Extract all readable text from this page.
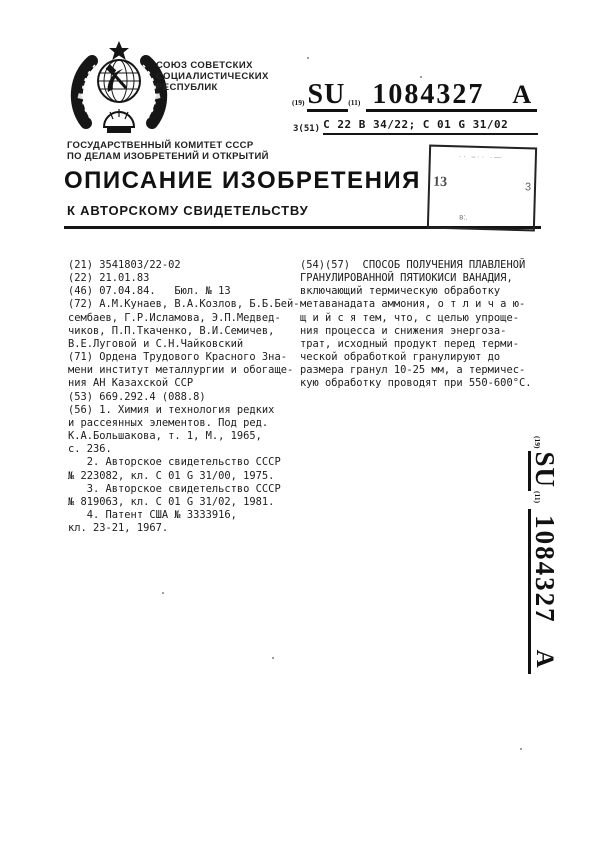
СОЮЗ СОВЕТСКИХ
СОЦИАЛИСТИЧЕСКИХ
РЕСПУБЛИК
(19) SU (11) 1084327 A
3(51) C 22 B 34/22; C 01 G 31/02
ГОСУДАРСТВЕННЫЙ КОМИТЕТ СССР
ПО ДЕЛАМ ИЗОБРЕТЕНИЙ И ОТКРЫТИЙ
ОПИСАНИЕ ИЗОБРЕТЕНИЯ
К АВТОРСКОМУ СВИДЕТЕЛЬСТВУ
·· –·· ·—
13	3
в:.
(21) 3541803/22-02
(22) 21.01.83
(46) 07.04.84.   Бюл. № 13
(72) А.М.Кунаев, В.А.Козлов, Б.Б.Бей-
сембаев, Г.Р.Исламова, Э.П.Медвед-
чиков, П.П.Ткаченко, В.И.Семичев,
В.Е.Луговой и С.Н.Чайковский
(71) Ордена Трудового Красного Зна-
мени институт металлургии и обогаще-
ния АН Казахской ССР
(53) 669.292.4 (088.8)
(56) 1. Химия и технология редких
и рассеянных элементов. Под ред.
К.А.Большакова, т. 1, М., 1965,
с. 236.
2. Авторское свидетельство СССР
№ 223082, кл. C 01 G 31/00, 1975.
3. Авторское свидетельство СССР
№ 819063, кл. C 01 G 31/02, 1981.
4. Патент США № 3333916,
кл. 23-21, 1967.
(54)(57)  СПОСОБ ПОЛУЧЕНИЯ ПЛАВЛЕНОЙ
ГРАНУЛИРОВАННОЙ ПЯТИОКИСИ ВАНАДИЯ,
включающий термическую обработку
метаванадата аммония, о т л и ч а ю-
щ и й с я тем, что, с целью упроще-
ния процесса и снижения энергоза-
трат, исходный продукт перед терми-
ческой обработкой гранулируют до
размера гранул 10-25 мм, а термичес-
кую обработку проводят при 550-600°С.
(19)
SU
(11)
1084327
A
